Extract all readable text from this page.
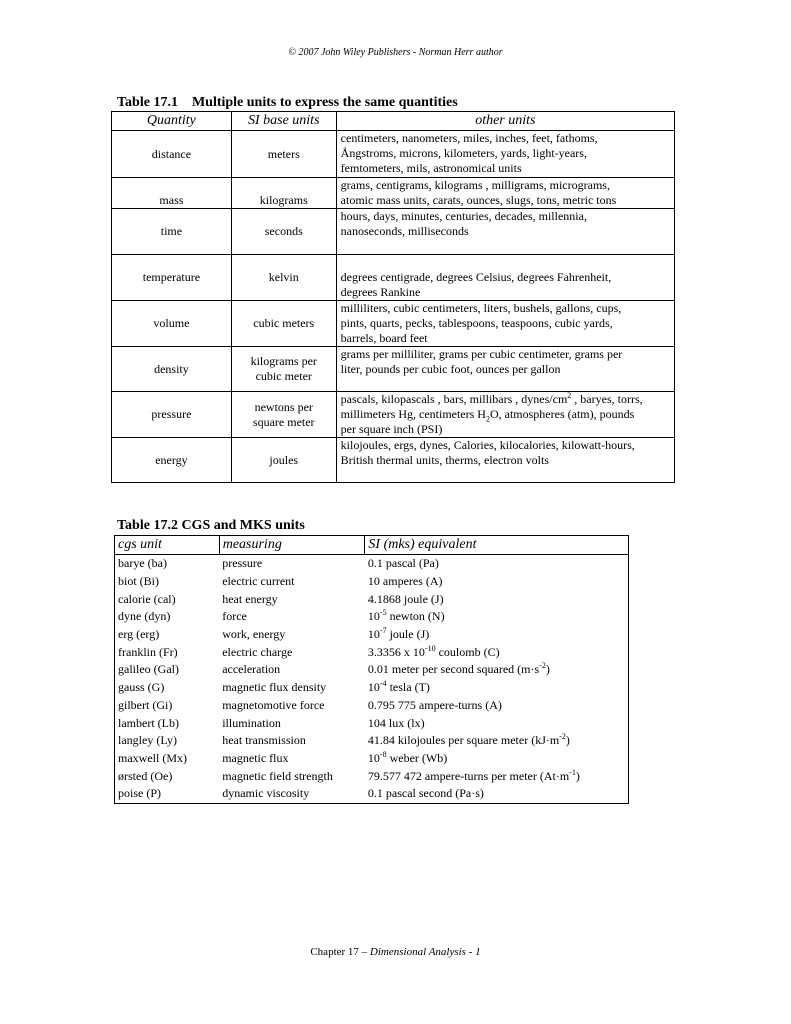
© 2007 John Wiley Publishers - Norman Herr author
Table 17.1    Multiple units to express the same quantities
Quantity	SI base units	other units
distance	meters	centimeters, nanometers, miles, inches, feet, fathoms,
Ångstroms, microns, kilometers, yards, light-years,
femtometers, mils, astronomical units
mass	kilograms	grams, centigrams, kilograms , milligrams, micrograms,
atomic mass units, carats, ounces, slugs, tons, metric tons
time	seconds	hours, days, minutes, centuries, decades, millennia,
nanoseconds, milliseconds
temperature	kelvin	degrees centigrade, degrees Celsius, degrees Fahrenheit,
degrees Rankine
volume	cubic meters	milliliters, cubic centimeters, liters, bushels, gallons, cups,
pints, quarts, pecks, tablespoons, teaspoons, cubic yards,
barrels, board feet
density	kilograms per
cubic meter	grams per milliliter, grams per cubic centimeter, grams per
liter, pounds per cubic foot, ounces per gallon
pressure	newtons per
square meter	pascals, kilopascals , bars, millibars , dynes/$cm^2$ , baryes, torrs,
millimeters Hg, centimeters $H_2O$, atmospheres (atm), pounds
per square inch (PSI)
energy	joules	kilojoules, ergs, dynes, Calories, kilocalories, kilowatt-hours,
British thermal units, therms, electron volts
Table 17.2 CGS and MKS units
cgs unit	measuring	SI (mks) equivalent
barye (ba)	pressure	0.1 pascal (Pa)
biot (Bi)	electric current	10 amperes (A)
calorie (cal)	heat energy	4.1868 joule (J)
dyne (dyn)	force	$10^{-5}$ newton (N)
erg (erg)	work, energy	$10^{-7}$ joule (J)
franklin (Fr)	electric charge	3.3356 x $10^{-10}$ coulomb (C)
galileo (Gal)	acceleration	0.01 meter per second squared $(m\cdot s^{-2})$
gauss (G)	magnetic flux density	$10^{-4}$ tesla (T)
gilbert (Gi)	magnetomotive force	0.795 775 ampere-turns (A)
lambert (Lb)	illumination	104 lux (lx)
langley (Ly)	heat transmission	41.84 kilojoules per square meter $(kJ\cdot m^{-2})$
maxwell (Mx)	magnetic flux	$10^{-8}$ weber (Wb)
ørsted (Oe)	magnetic field strength	79.577 472 ampere-turns per meter $(At\cdot m^{-1})$
poise (P)	dynamic viscosity	0.1 pascal second (Pa·s)
Chapter 17 – Dimensional Analysis - 1
